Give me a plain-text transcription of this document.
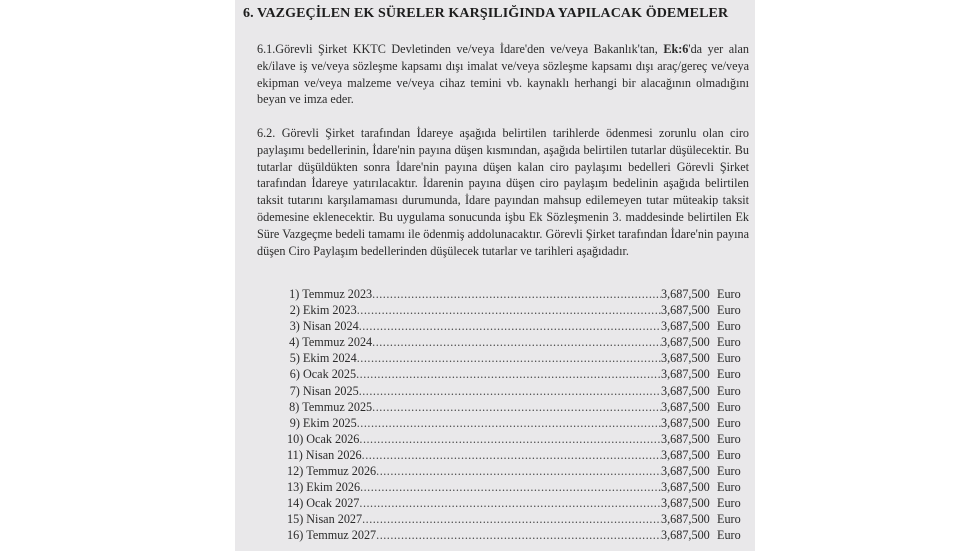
6. VAZGEÇİLEN EK SÜRELER KARŞILIĞINDA YAPILACAK ÖDEMELER
6.1.Görevli Şirket KKTC Devletinden ve/veya İdare'den ve/veya Bakanlık'tan, Ek:6'da yer alan ek/ilave iş ve/veya sözleşme kapsamı dışı imalat ve/veya sözleşme kapsamı dışı araç/gereç ve/veya ekipman ve/veya malzeme ve/veya cihaz temini vb. kaynaklı herhangi bir alacağının olmadığını beyan ve imza eder.
6.2. Görevli Şirket tarafından İdareye aşağıda belirtilen tarihlerde ödenmesi zorunlu olan ciro paylaşımı bedellerinin, İdare'nin payına düşen kısmından, aşağıda belirtilen tutarlar düşülecektir. Bu tutarlar düşüldükten sonra İdare'nin payına düşen kalan ciro paylaşımı bedelleri Görevli Şirket tarafından İdareye yatırılacaktır. İdarenin payına düşen ciro paylaşım bedelinin aşağıda belirtilen taksit tutarını karşılamaması durumunda, İdare payından mahsup edilemeyen tutar müteakip taksit ödemesine eklenecektir. Bu uygulama sonucunda işbu Ek Sözleşmenin 3. maddesinde belirtilen Ek Süre Vazgeçme bedeli tamamı ile ödenmiş addolunacaktır. Görevli Şirket tarafından İdare'nin payına düşen Ciro Paylaşım bedellerinden düşülecek tutarlar ve tarihleri aşağıdadır.
1) Temmuz 2023 .....	3,687,500 Euro
2) Ekim 2023 .....	3,687,500 Euro
3) Nisan 2024 .....	3,687,500 Euro
4) Temmuz 2024 .....	3,687,500 Euro
5) Ekim 2024 .....	3,687,500 Euro
6) Ocak 2025 .....	3,687,500 Euro
7) Nisan 2025 .....	3,687,500 Euro
8) Temmuz 2025 .....	3,687,500 Euro
9) Ekim 2025 .....	3,687,500 Euro
10) Ocak 2026 .....	3,687,500 Euro
11) Nisan 2026 .....	3,687,500 Euro
12) Temmuz 2026 .....	3,687,500 Euro
13) Ekim 2026 .....	3,687,500 Euro
14) Ocak 2027 .....	3,687,500 Euro
15) Nisan 2027 .....	3,687,500 Euro
16) Temmuz 2027 .....	3,687,500 Euro
